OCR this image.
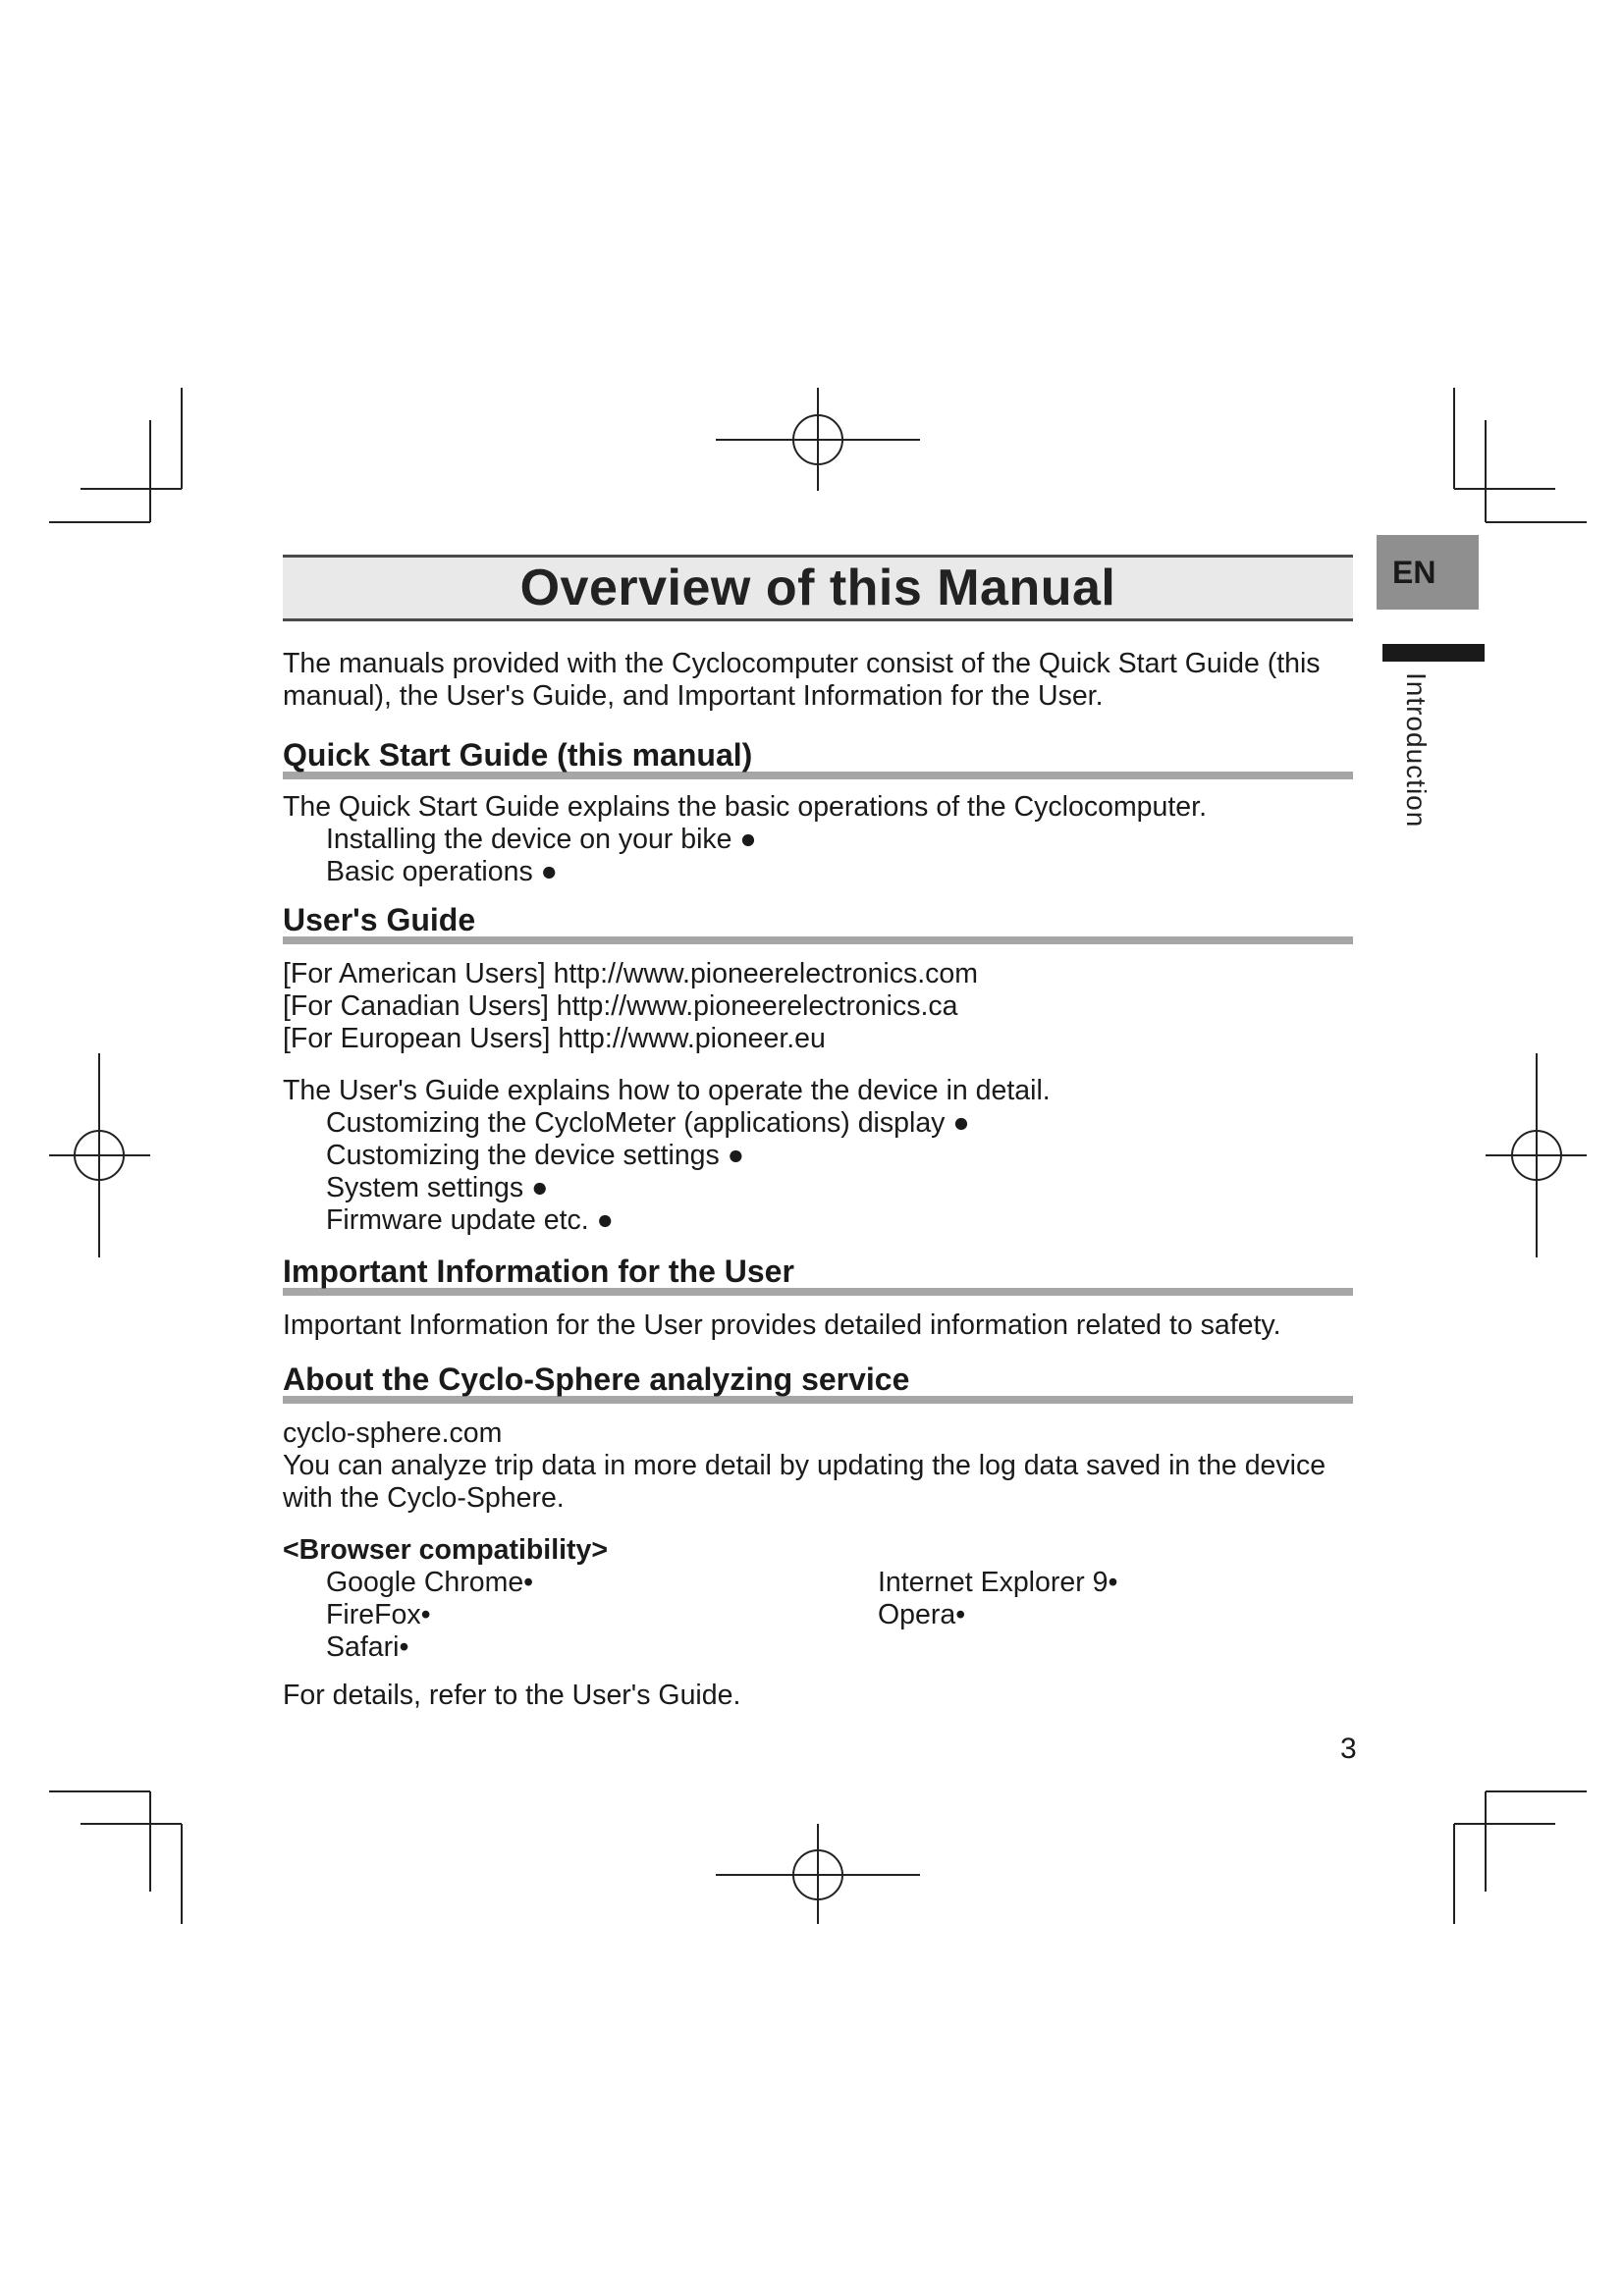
Overview of this Manual	EN
Introduction

The manuals provided with the Cyclocomputer consist of the Quick Start Guide (this manual), the User's Guide, and Important Information for the User.

Quick Start Guide (this manual)

The Quick Start Guide explains the basic operations of the Cyclocomputer.

Installing the device on your bike ●

Basic operations ●

User's Guide

[For American Users] http://www.pioneerelectronics.com

[For Canadian Users] http://www.pioneerelectronics.ca

[For European Users] http://www.pioneer.eu

The User's Guide explains how to operate the device in detail.

Customizing the CycloMeter (applications) display ●

Customizing the device settings ●

System settings ●

Firmware update etc. ●

Important Information for the User

Important Information for the User provides detailed information related to safety.

About the Cyclo-Sphere analyzing service

cyclo-sphere.com

You can analyze trip data in more detail by updating the log data saved in the device with the Cyclo-Sphere.

<Browser compatibility>

Google Chrome•

FireFox•

Safari•

Internet Explorer 9•

Opera•

For details, refer to the User's Guide.

3
